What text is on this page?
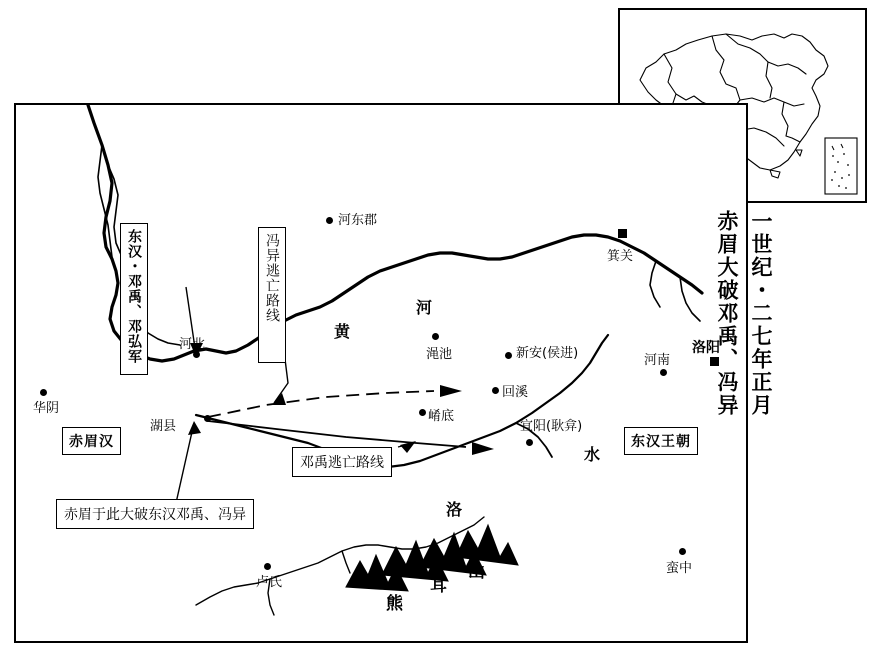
河东郡
箕关
河北
渑池	新安(侯进)	洛阳
河南
华阴
湖县
回溪
崤底
宜阳(耿弇)
卢氏
蛮中
黄
河
水
洛
耳
山
熊
东汉・邓禹、邓弘军	冯异逃亡路线
赤眉汉	东汉王朝
邓禹逃亡路线
赤眉于此大破东汉邓禹、冯异
一世纪・二七年正月
赤眉大破邓禹、冯异
